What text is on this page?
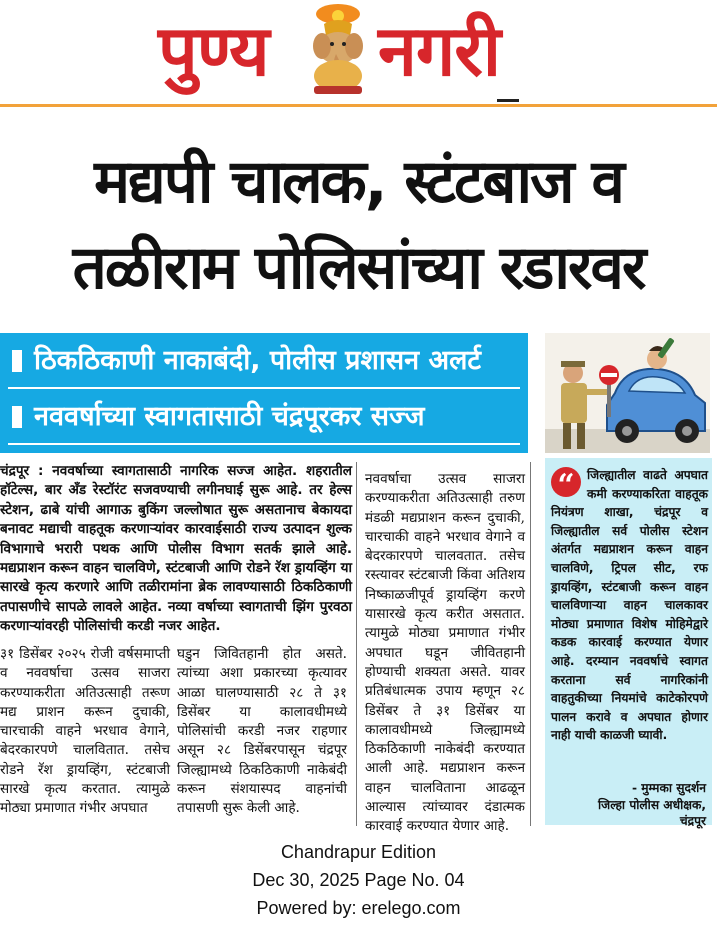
पुण्य	नगरी
मद्यपी चालक, स्टंटबाज व
तळीराम पोलिसांच्या रडारवर
ठिकठिकाणी नाकाबंदी, पोलीस प्रशासन अलर्ट
नववर्षाच्या स्वागतासाठी चंद्रपूरकर सज्ज
चंद्रपूर : नववर्षाच्या स्वागतासाठी नागरिक सज्ज आहेत. शहरातील हॉटेल्स, बार अँड रेस्टॉरंट सजवण्याची लगीनघाई सुरू आहे. तर हेल्स स्टेशन, ढाबे यांची आगाऊ बुकिंग जल्लोषात सुरू असतानाच बेकायदा बनावट मद्याची वाहतूक करणाऱ्यांवर कारवाईसाठी राज्य उत्पादन शुल्क विभागाचे भरारी पथक आणि पोलीस विभाग सतर्क झाले आहे. मद्यप्राशन करून वाहन चालविणे, स्टंटबाजी आणि रोडने रॅश ड्रायव्हिंग या सारखे कृत्य करणारे आणि तळीरामांना ब्रेक लावण्यासाठी ठिकठिकाणी तपासणीचे सापळे लावले आहेत. नव्या वर्षाच्या स्वागताची झिंग पुरवठा करणाऱ्यांवरही पोलिसांची करडी नजर आहेत.
३१ डिसेंबर २०२५ रोजी वर्षसमाप्ती व नववर्षाचा उत्सव साजरा करण्याकरीता अतिउत्साही तरूण मद्य प्राशन करून दुचाकी, चारचाकी वाहने भरधाव वेगाने, बेदरकारपणे चालवितात. तसेच रोडने रॅश ड्रायव्हिंग, स्टंटबाजी सारखे कृत्य करतात. त्यामुळे मोठ्या प्रमाणात गंभीर अपघात
घडुन जिवितहानी होत असते. त्यांच्या अशा प्रकारच्या कृत्यावर आळा घालण्यासाठी २८ ते ३१ डिसेंबर या कालावधीमध्ये पोलिसांची करडी नजर राहणार असून २८ डिसेंबरपासून चंद्रपूर जिल्ह्यामध्ये ठिकठिकाणी नाकेबंदी करून संशयास्पद वाहनांची तपासणी सुरू केली आहे.
नववर्षाचा उत्सव साजरा करण्याकरीता अतिउत्साही तरुण मंडळी मद्यप्राशन करून दुचाकी, चारचाकी वाहने भरधाव वेगाने व बेदरकारपणे चालवतात. तसेच रस्त्यावर स्टंटबाजी किंवा अतिशय निष्काळजीपूर्व ड्रायव्हिंग करणे यासारखे कृत्य करीत असतात. त्यामुळे मोठ्या प्रमाणात गंभीर अपघात घडून जीवितहानी होण्याची शक्यता असते. यावर प्रतिबंधात्मक उपाय म्हणून २८ डिसेंबर ते ३१ डिसेंबर या कालावधीमध्ये जिल्ह्यामध्ये ठिकठिकाणी नाकेबंदी करण्यात आली आहे. मद्यप्राशन करून वाहन चालविताना आढळून आल्यास त्यांच्यावर दंडात्मक कारवाई करण्यात येणार आहे.
“	जिल्ह्यातील वाढते अपघात कमी करण्याकरिता वाहतूक नियंत्रण शाखा, चंद्रपूर व जिल्ह्यातील सर्व पोलीस स्टेशन अंतर्गत मद्यप्राशन करून वाहन चालविणे, ट्रिपल सीट, रफ ड्रायव्हिंग, स्टंटबाजी करून वाहन चालविणाऱ्या वाहन चालकावर मोठ्या प्रमाणात विशेष मोहिमेद्वारे कडक कारवाई करण्यात येणार आहे. दरम्यान नववर्षाचे स्वागत करताना सर्व नागरिकांनी वाहतुकीच्या नियमांचे काटेकोरपणे पालन करावे व अपघात होणार नाही याची काळजी घ्यावी.
- मुम्मका सुदर्शन
जिल्हा पोलीस अधीक्षक,
चंद्रपूर
Chandrapur Edition
Dec 30, 2025 Page No. 04
Powered by: erelego.com
